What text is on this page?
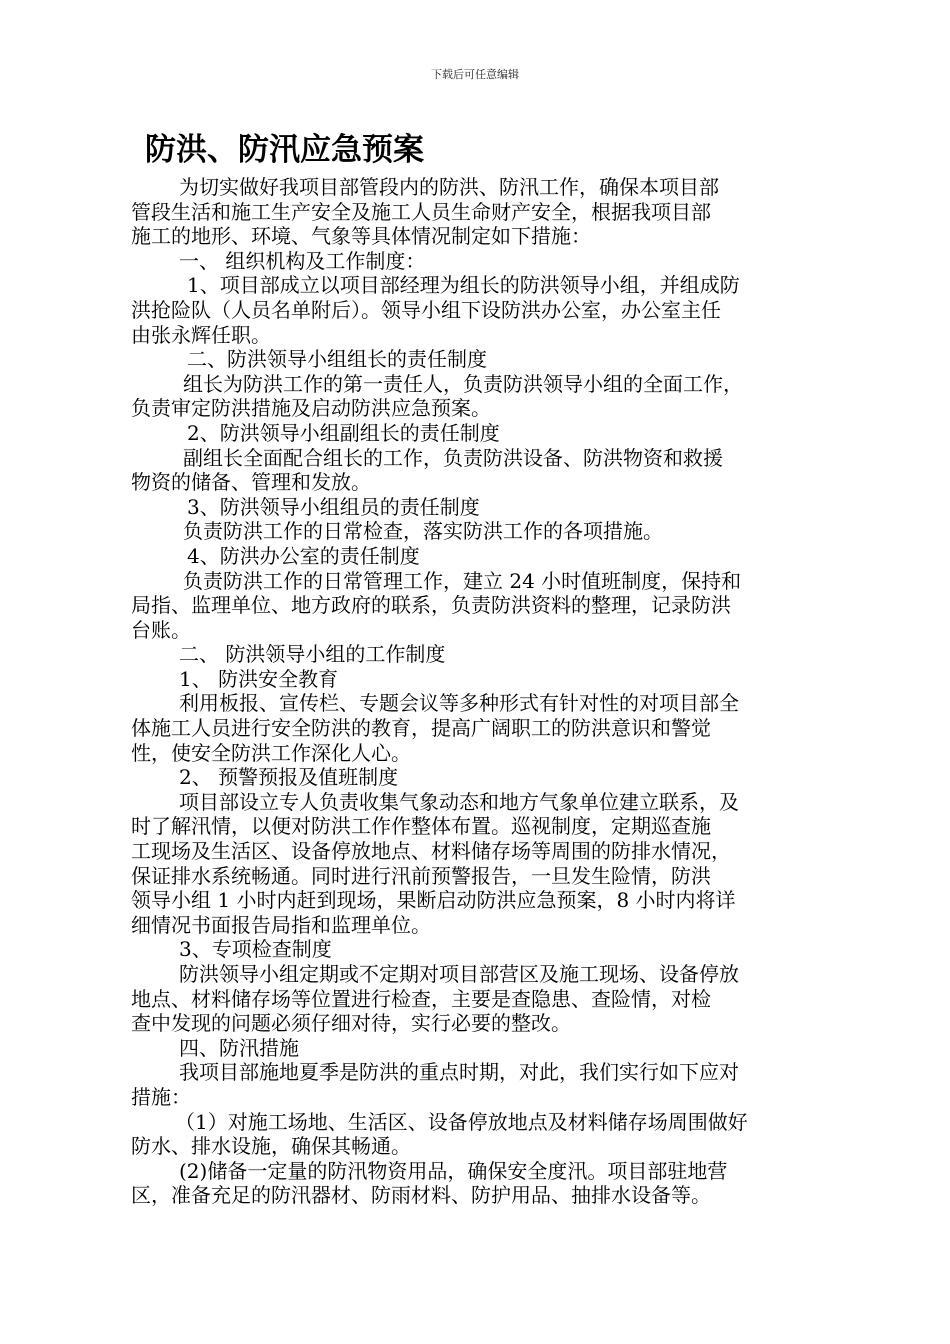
下载后可任意编辑
防洪、防汛应急预案

为切实做好我项目部管段内的防洪、防汛工作，确保本项目部
管段生活和施工生产安全及施工人员生命财产安全，根据我项目部
施工的地形、环境、气象等具体情况制定如下措施：

一、 组织机构及工作制度：

1、项目部成立以项目部经理为组长的防洪领导小组，并组成防
洪抢险队（人员名单附后）。领导小组下设防洪办公室，办公室主任
由张永辉任职。

二、防洪领导小组组长的责任制度

组长为防洪工作的第一责任人，负责防洪领导小组的全面工作，
负责审定防洪措施及启动防洪应急预案。

2、防洪领导小组副组长的责任制度

副组长全面配合组长的工作，负责防洪设备、防洪物资和救援
物资的储备、管理和发放。

3、防洪领导小组组员的责任制度

负责防洪工作的日常检查，落实防洪工作的各项措施。

4、防洪办公室的责任制度

负责防洪工作的日常管理工作，建立 24 小时值班制度，保持和
局指、监理单位、地方政府的联系，负责防洪资料的整理，记录防洪
台账。

二、 防洪领导小组的工作制度

1、 防洪安全教育

利用板报、宣传栏、专题会议等多种形式有针对性的对项目部全
体施工人员进行安全防洪的教育，提高广阔职工的防洪意识和警觉
性，使安全防洪工作深化人心。

2、 预警预报及值班制度

项目部设立专人负责收集气象动态和地方气象单位建立联系，及
时了解汛情，以便对防洪工作作整体布置。巡视制度，定期巡查施
工现场及生活区、设备停放地点、材料储存场等周围的防排水情况，
保证排水系统畅通。同时进行汛前预警报告，一旦发生险情，防洪
领导小组 1 小时内赶到现场，果断启动防洪应急预案，8 小时内将详
细情况书面报告局指和监理单位。

3、专项检查制度

防洪领导小组定期或不定期对项目部营区及施工现场、设备停放
地点、材料储存场等位置进行检查，主要是查隐患、查险情，对检
查中发现的问题必须仔细对待，实行必要的整改。

四、防汛措施

我项目部施地夏季是防洪的重点时期，对此，我们实行如下应对
措施：

（1）对施工场地、生活区、设备停放地点及材料储存场周围做好
防水、排水设施，确保其畅通。

(2)储备一定量的防汛物资用品，确保安全度汛。项目部驻地营
区，准备充足的防汛器材、防雨材料、防护用品、抽排水设备等。
